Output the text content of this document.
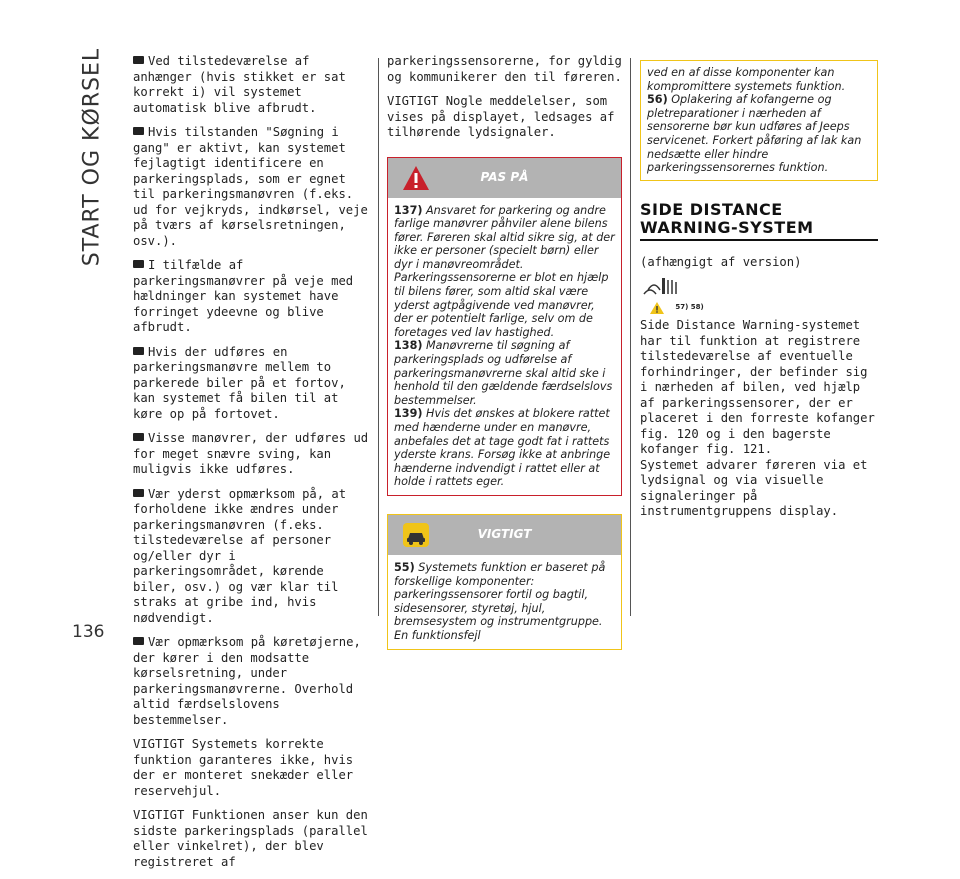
START OG KØRSEL
136

Ved tilstedeværelse af anhænger (hvis stikket er sat korrekt i) vil systemet automatisk blive afbrudt.

Hvis tilstanden "Søgning i gang" er aktivt, kan systemet fejlagtigt identificere en parkeringsplads, som er egnet til parkeringsmanøvren (f.eks. ud for vejkryds, indkørsel, veje på tværs af kørselsretningen, osv.).

I tilfælde af parkeringsmanøvrer på veje med hældninger kan systemet have forringet ydeevne og blive afbrudt.

Hvis der udføres en parkeringsmanøvre mellem to parkerede biler på et fortov, kan systemet få bilen til at køre op på fortovet.

Visse manøvrer, der udføres ud for meget snævre sving, kan muligvis ikke udføres.

Vær yderst opmærksom på, at forholdene ikke ændres under parkeringsmanøvren (f.eks. tilstedeværelse af personer og/eller dyr i parkeringsområdet, kørende biler, osv.) og vær klar til straks at gribe ind, hvis nødvendigt.

Vær opmærksom på køretøjerne, der kører i den modsatte kørselsretning, under parkeringsmanøvrerne. Overhold altid færdselslovens bestemmelser.

VIGTIGT Systemets korrekte funktion garanteres ikke, hvis der er monteret snekæder eller reservehjul.

VIGTIGT Funktionen anser kun den sidste parkeringsplads (parallel eller vinkelret), der blev registreret af

parkeringssensorerne, for gyldig og kommunikerer den til føreren.

VIGTIGT Nogle meddelelser, som vises på displayet, ledsages af tilhørende lydsignaler.

PAS PÅ

137) Ansvaret for parkering og andre farlige manøvrer påhviler alene bilens fører. Føreren skal altid sikre sig, at der ikke er personer (specielt børn) eller dyr i manøvreområdet. Parkeringssensorerne er blot en hjælp til bilens fører, som altid skal være yderst agtpågivende ved manøvrer, der er potentielt farlige, selv om de foretages ved lav hastighed.

138) Manøvrerne til søgning af parkeringsplads og udførelse af parkeringsmanøvrerne skal altid ske i henhold til den gældende færdselslovs bestemmelser.

139) Hvis det ønskes at blokere rattet med hænderne under en manøvre, anbefales det at tage godt fat i rattets yderste krans. Forsøg ikke at anbringe hænderne indvendigt i rattet eller at holde i rattets eger.

VIGTIGT

55) Systemets funktion er baseret på forskellige komponenter: parkeringssensorer fortil og bagtil, sidesensorer, styretøj, hjul, bremsesystem og instrumentgruppe. En funktionsfejl

ved en af disse komponenter kan kompromittere systemets funktion.

56) Oplakering af kofangerne og pletreparationer i nærheden af sensorerne bør kun udføres af Jeeps servicenet. Forkert påføring af lak kan nedsætte eller hindre parkeringssensorernes funktion.

SIDE DISTANCE WARNING-SYSTEM

(afhængigt af version)

57) 58)

Side Distance Warning-systemet har til funktion at registrere tilstedeværelse af eventuelle forhindringer, der befinder sig i nærheden af bilen, ved hjælp af parkeringssensorer, der er placeret i den forreste kofanger fig. 120 og i den bagerste kofanger fig. 121.

Systemet advarer føreren via et lydsignal og via visuelle signaleringer på instrumentgruppens display.
